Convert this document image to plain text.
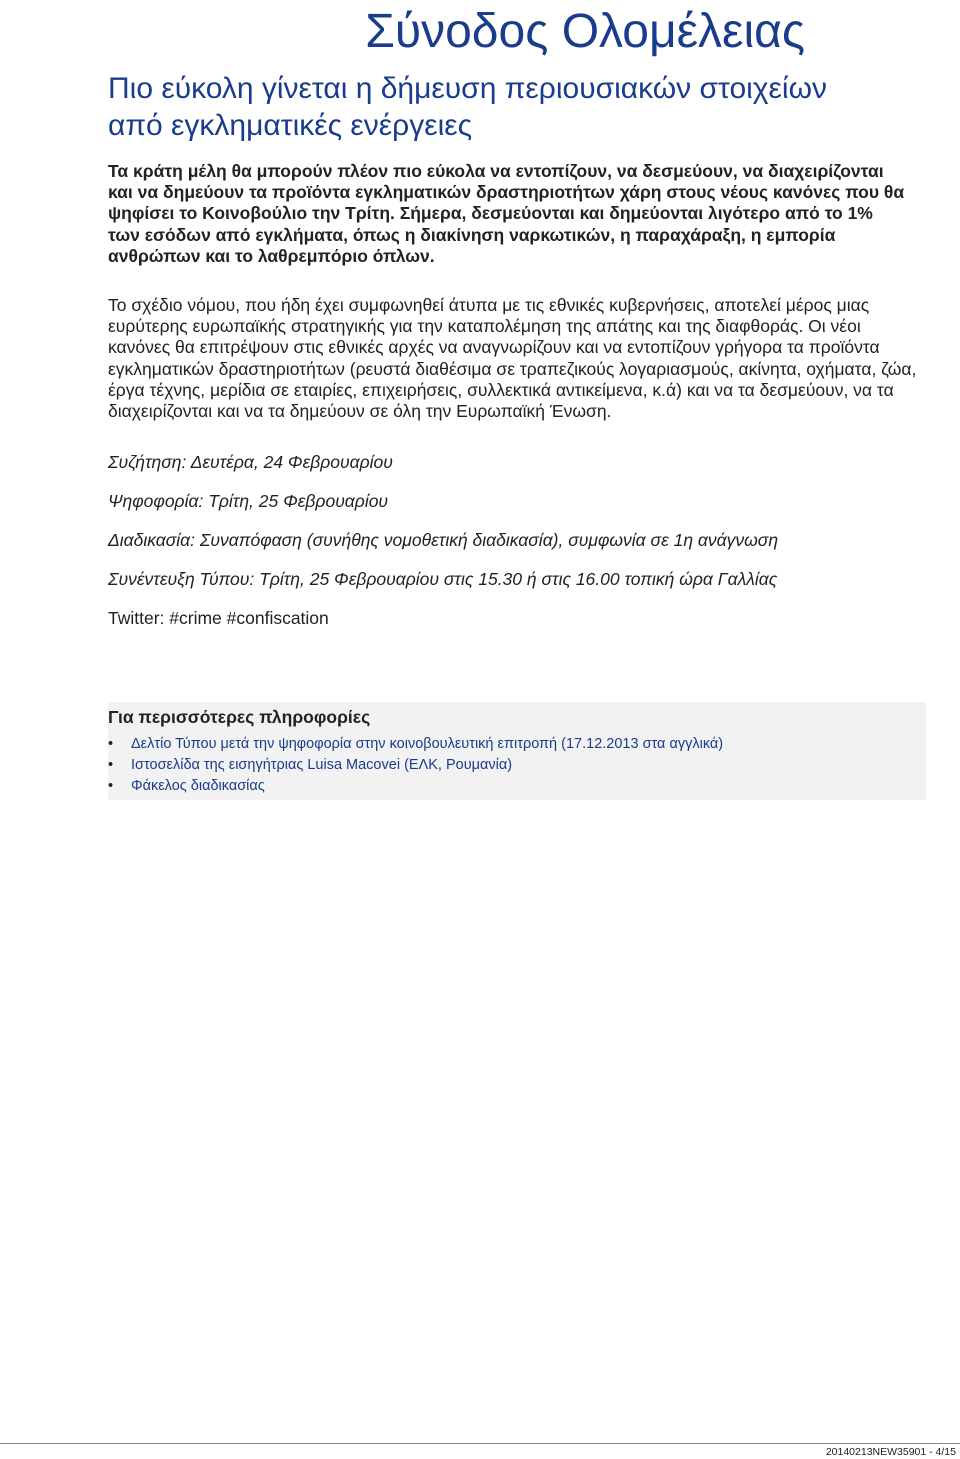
Σύνοδος Ολομέλειας
Πιο εύκολη γίνεται η δήμευση περιουσιακών στοιχείων από εγκληματικές ενέργειες

Τα κράτη μέλη θα μπορούν πλέον πιο εύκολα να εντοπίζουν, να δεσμεύουν, να διαχειρίζονται και να δημεύουν τα προϊόντα εγκληματικών δραστηριοτήτων χάρη στους νέους κανόνες που θα ψηφίσει το Κοινοβούλιο την Τρίτη. Σήμερα, δεσμεύονται και δημεύονται λιγότερο από το 1% των εσόδων από εγκλήματα, όπως η διακίνηση ναρκωτικών, η παραχάραξη, η εμπορία ανθρώπων και το λαθρεμπόριο όπλων.

Το σχέδιο νόμου, που ήδη έχει συμφωνηθεί άτυπα με τις εθνικές κυβερνήσεις, αποτελεί μέρος μιας ευρύτερης ευρωπαϊκής στρατηγικής για την καταπολέμηση της απάτης και της διαφθοράς. Οι νέοι κανόνες θα επιτρέψουν στις εθνικές αρχές να αναγνωρίζουν και να εντοπίζουν γρήγορα τα προϊόντα εγκληματικών δραστηριοτήτων (ρευστά διαθέσιμα σε τραπεζικούς λογαριασμούς, ακίνητα, οχήματα, ζώα, έργα τέχνης, μερίδια σε εταιρίες, επιχειρήσεις, συλλεκτικά αντικείμενα, κ.ά) και να τα δεσμεύουν, να τα διαχειρίζονται και να τα δημεύουν σε όλη την Ευρωπαϊκή Ένωση.

Συζήτηση: Δευτέρα, 24 Φεβρουαρίου

Ψηφοφορία: Τρίτη, 25 Φεβρουαρίου

Διαδικασία: Συναπόφαση (συνήθης νομοθετική διαδικασία), συμφωνία σε 1η ανάγνωση

Συνέντευξη Τύπου: Τρίτη, 25 Φεβρουαρίου στις 15.30 ή στις 16.00 τοπική ώρα Γαλλίας

Twitter: #crime #confiscation

Για περισσότερες πληροφορίες
• Δελτίο Τύπου μετά την ψηφοφορία στην κοινοβουλευτική επιτροπή (17.12.2013 στα αγγλικά)
• Ιστοσελίδα της εισηγήτριας Luisa Macovei (ΕΛΚ, Ρουμανία)
• Φάκελος διαδικασίας

20140213NEW35901 - 4/15
